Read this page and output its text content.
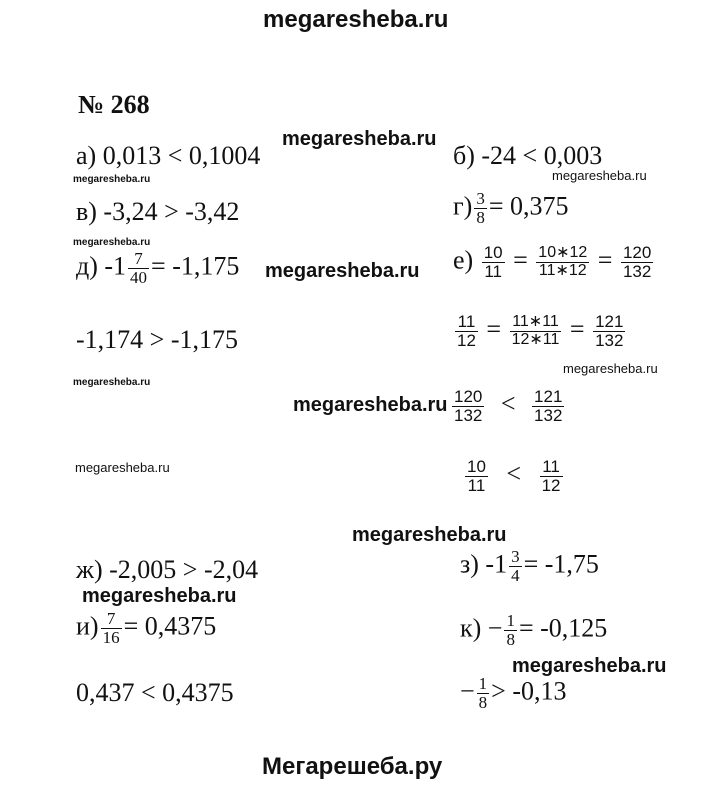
megaresheba.ru
№ 268
megaresheba.ru
megaresheba.ru	megaresheba.ru
megaresheba.ru
megaresheba.ru
megaresheba.ru
megaresheba.ru
megaresheba.ru
megaresheba.ru
megaresheba.ru
megaresheba.ru
megaresheba.ru
а) 0,013 < 0,1004	б) -24 < 0,003
в) -3,24 > -3,42	$г) \frac{3}{8} = 0,375$
д) $-1 \frac{7}{40} = -1,175$
-1,174 > -1,175
$е) \frac{10}{11} = \frac{10∗12}{11∗12} = \frac{120}{132}$
$\frac{11}{12} = \frac{11∗11}{12∗11} = \frac{121}{132}$
$\frac{120}{132} < \frac{121}{132}$
$\frac{10}{11} < \frac{11}{12}$
ж) -2,005 > -2,04	з) $-1 \frac{3}{4} = -1,75$
$и) \frac{7}{16} = 0,4375$
0,437 < 0,4375
$к) - \frac{1}{8} = -0,125$
− $\frac{1}{8} > -0,13$
Мегарешеба.ру
